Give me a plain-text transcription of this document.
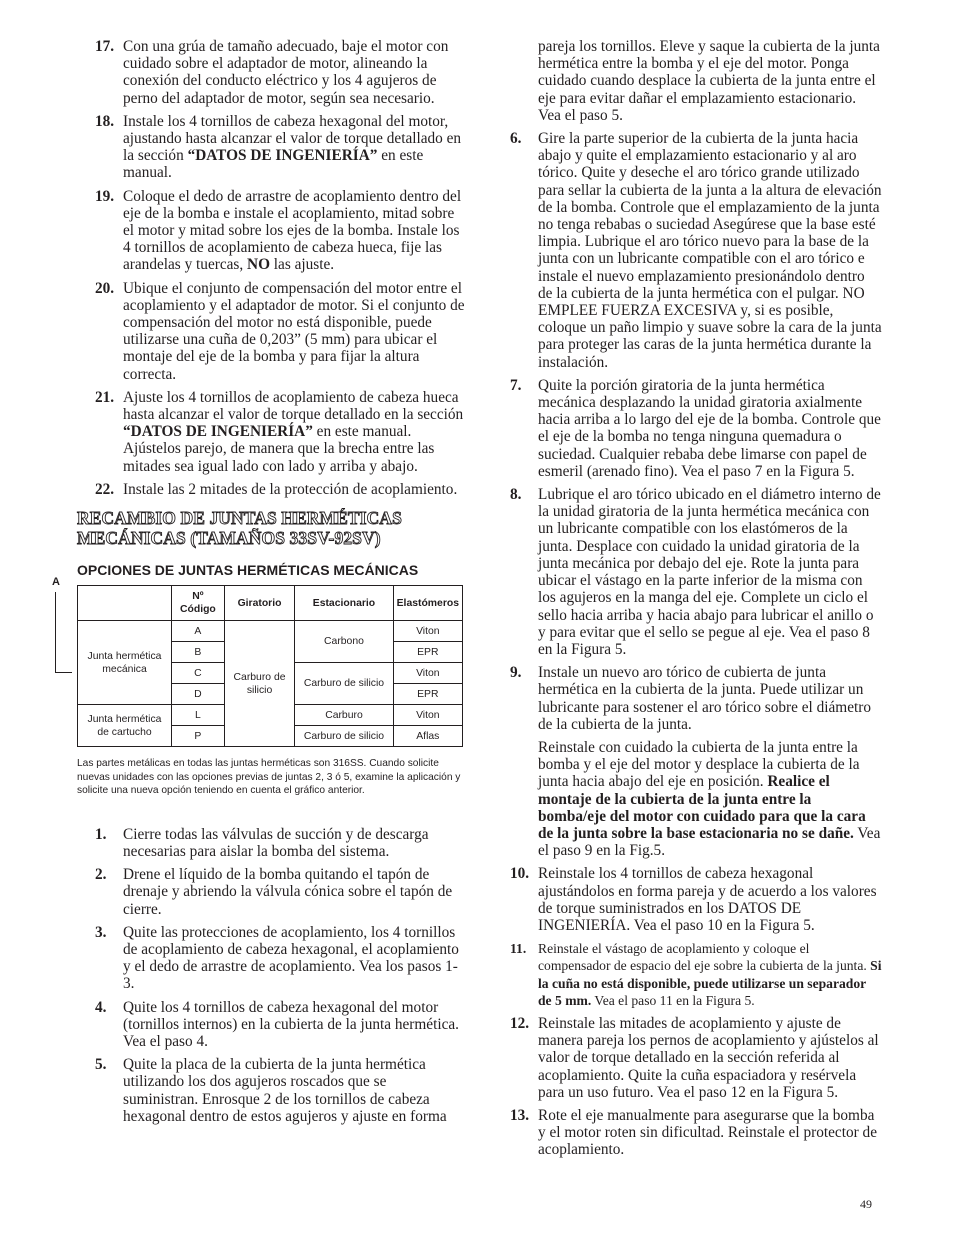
17. Con una grúa de tamaño adecuado, baje el motor con cuidado sobre el adaptador de motor, alineando la conexión del conducto eléctrico y los 4 agujeros de perno del adaptador de motor, según sea necesario.
18. Instale los 4 tornillos de cabeza hexagonal del motor, ajustando hasta alcanzar el valor de torque detallado en la sección “DATOS DE INGENIERÍA” en este manual.
19. Coloque el dedo de arrastre de acoplamiento dentro del eje de la bomba e instale el acoplamiento, mitad sobre el motor y mitad sobre los ejes de la bomba. Instale los 4 tornillos de acoplamiento de cabeza hueca, fije las arandelas y tuercas, NO las ajuste.
20. Ubique el conjunto de compensación del motor entre el acoplamiento y el adaptador de motor. Si el conjunto de compensación del motor no está disponible, puede utilizarse una cuña de 0,203” (5 mm) para ubicar el montaje del eje de la bomba y para fijar la altura correcta.
21. Ajuste los 4 tornillos de acoplamiento de cabeza hueca hasta alcanzar el valor de torque detallado en la sección “DATOS DE INGENIERÍA” en este manual. Ajústelos parejo, de manera que la brecha entre las mitades sea igual lado con lado y arriba y abajo.
22. Instale las 2 mitades de la protección de acoplamiento.
RECAMBIO DE JUNTAS HERMÉTICAS MECÁNICAS (TAMAÑOS 33SV-92SV)
OPCIONES DE JUNTAS HERMÉTICAS MECÁNICAS
	Nº Código	Giratorio	Estacionario	Elastómeros
Junta hermética mecánica	A	Carburo de silicio	Carbono	Viton
	B			EPR
	C		Carburo de silicio	Viton
	D			EPR
Junta hermética de cartucho	L		Carburo	Viton
	P		Carburo de silicio	Aflas
Las partes metálicas en todas las juntas herméticas son 316SS. Cuando solicite nuevas unidades con las opciones previas de juntas 2, 3 ó 5, examine la aplicación y solicite una nueva opción teniendo en cuenta el gráfico anterior.
1. Cierre todas las válvulas de succión y de descarga necesarias para aislar la bomba del sistema.
2. Drene el líquido de la bomba quitando el tapón de drenaje y abriendo la válvula cónica sobre el tapón de cierre.
3. Quite las protecciones de acoplamiento, los 4 tornillos de acoplamiento de cabeza hexagonal, el acoplamiento y el dedo de arrastre de acoplamiento. Vea los pasos 1-3.
4. Quite los 4 tornillos de cabeza hexagonal del motor (tornillos internos) en la cubierta de la junta hermética. Vea el paso 4.
5. Quite la placa de la cubierta de la junta hermética utilizando los dos agujeros roscados que se suministran. Enrosque 2 de los tornillos de cabeza hexagonal dentro de estos agujeros y ajuste en forma
A
pareja los tornillos. Eleve y saque la cubierta de la junta hermética entre la bomba y el eje del motor. Ponga cuidado cuando desplace la cubierta de la junta entre el eje para evitar dañar el emplazamiento estacionario. Vea el paso 5.
6. Gire la parte superior de la cubierta de la junta hacia abajo y quite el emplazamiento estacionario y al aro tórico. Quite y deseche el aro tórico grande utilizado para sellar la cubierta de la junta a la altura de elevación de la bomba. Controle que el emplazamiento de la junta no tenga rebabas o suciedad Asegúrese que la base esté limpia. Lubrique el aro tórico nuevo para la base de la junta con un lubricante compatible con el aro tórico e instale el nuevo emplazamiento presionándolo dentro de la cubierta de la junta hermética con el pulgar. NO EMPLEE FUERZA EXCESIVA y, si es posible, coloque un paño limpio y suave sobre la cara de la junta para proteger las caras de la junta hermética durante la instalación.
7. Quite la porción giratoria de la junta hermética mecánica desplazando la unidad giratoria axialmente hacia arriba a lo largo del eje de la bomba. Controle que el eje de la bomba no tenga ninguna quemadura o suciedad. Cualquier rebaba debe limarse con papel de esmeril (arenado fino). Vea el paso 7 en la Figura 5.
8. Lubrique el aro tórico ubicado en el diámetro interno de la unidad giratoria de la junta hermética mecánica con un lubricante compatible con los elastómeros de la junta. Desplace con cuidado la unidad giratoria de la junta mecánica por debajo del eje. Rote la junta para ubicar el vástago en la parte inferior de la misma con los agujeros en la manga del eje. Complete un ciclo el sello hacia arriba y hacia abajo para lubricar el anillo o y para evitar que el sello se pegue al eje. Vea el paso 8 en la Figura 5.
9. Instale un nuevo aro tórico de cubierta de junta hermética en la cubierta de la junta. Puede utilizar un lubricante para sostener el aro tórico sobre el diámetro de la cubierta de la junta.
Reinstale con cuidado la cubierta de la junta entre la bomba y el eje del motor y desplace la cubierta de la junta hacia abajo del eje en posición. Realice el montaje de la cubierta de la junta entre la bomba/eje del motor con cuidado para que la cara de la junta sobre la base estacionaria no se dañe. Vea el paso 9 en la Fig.5.
10. Reinstale los 4 tornillos de cabeza hexagonal ajustándolos en forma pareja y de acuerdo a los valores de torque suministrados en los DATOS DE INGENIERÍA. Vea el paso 10 en la Figura 5.
11. Reinstale el vástago de acoplamiento y coloque el compensador de espacio del eje sobre la cubierta de la junta. Si la cuña no está disponible, puede utilizarse un separador de 5 mm. Vea el paso 11 en la Figura 5.
12. Reinstale las mitades de acoplamiento y ajuste de manera pareja los pernos de acoplamiento y ajústelos al valor de torque detallado en la sección referida al acoplamiento. Quite la cuña espaciadora y resérvela para un uso futuro. Vea el paso 12 en la Figura 5.
13. Rote el eje manualmente para asegurarse que la bomba y el motor roten sin dificultad. Reinstale el protector de acoplamiento.
49
